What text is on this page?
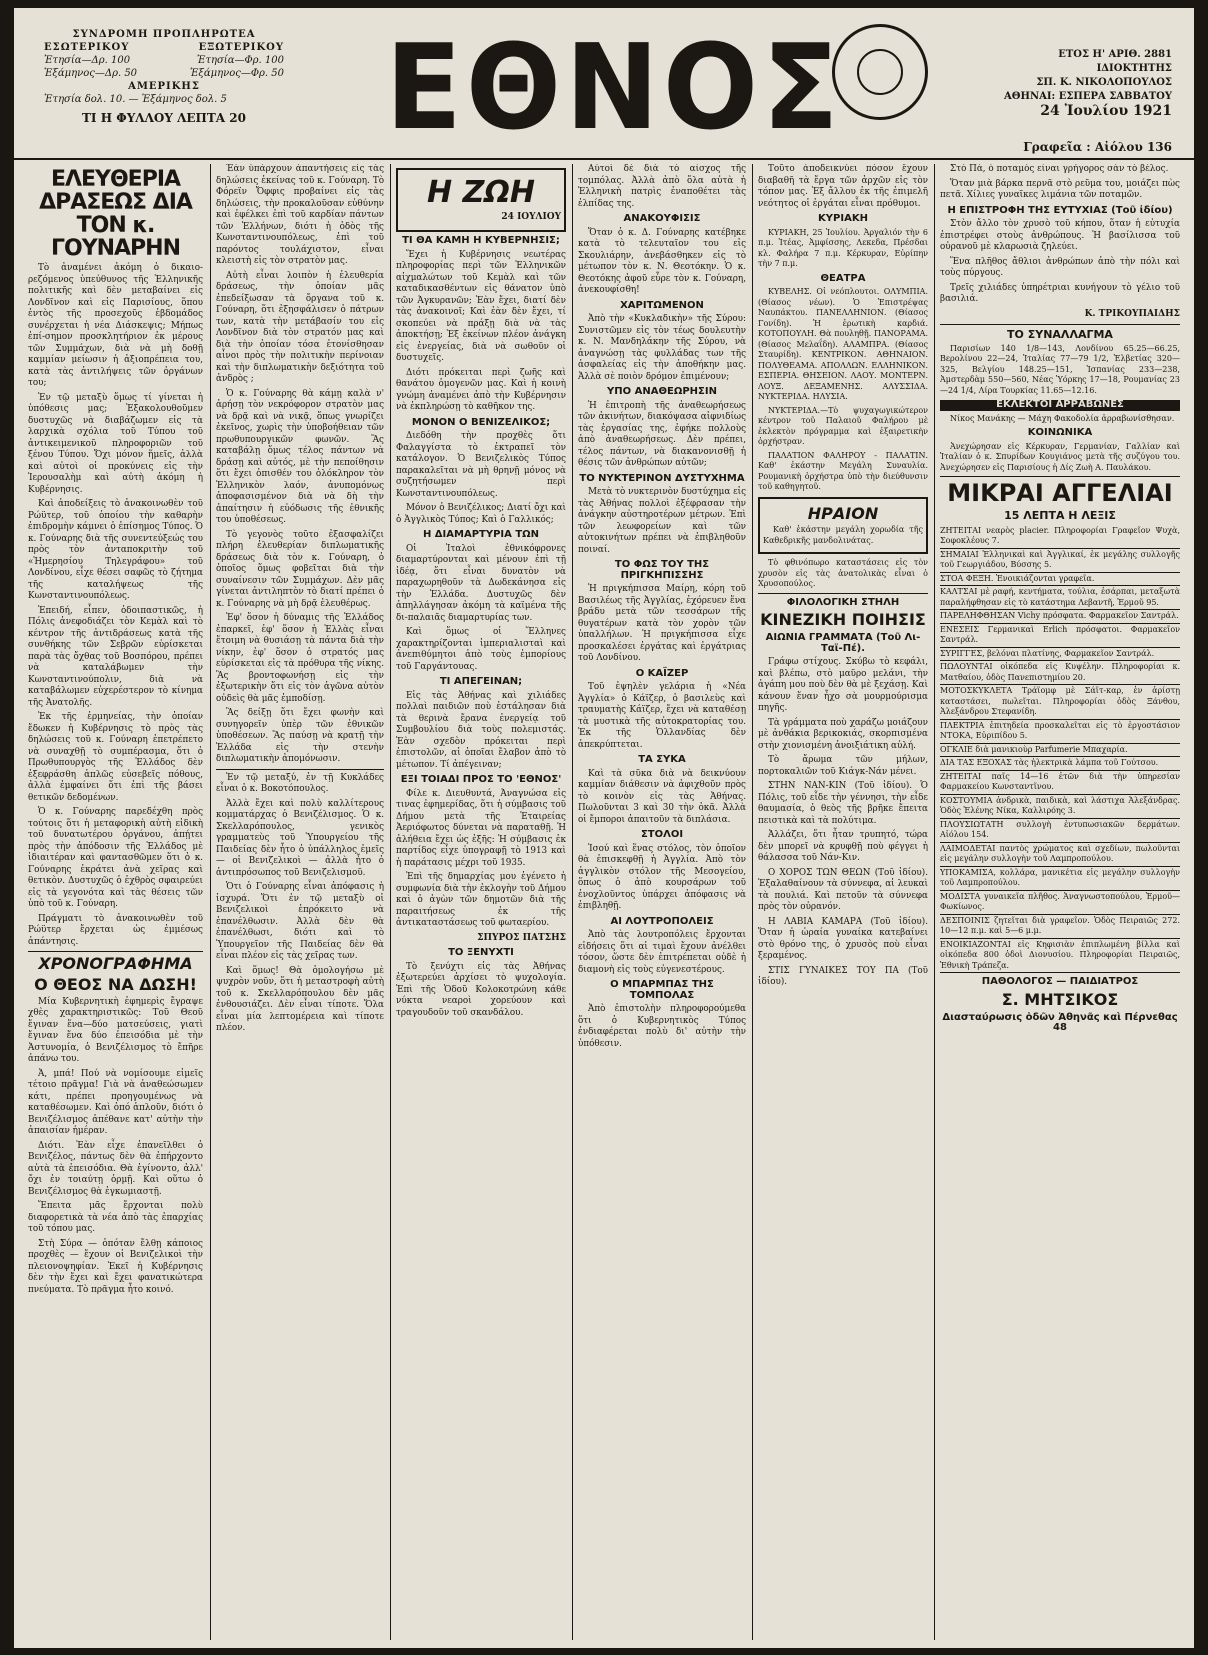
ΣΥΝΔΡΟΜΗ ΠΡΟΠΛΗΡΩΤΕΑ
ΕΣΩΤΕΡΙΚΟΥ	ΕΞΩΤΕΡΙΚΟΥ
Ἐτησία—Δρ. 100	Ἐτησία—Φρ. 100
Ἑξάμηνος—Δρ. 50	Ἑξάμηνος—Φρ. 50
ΑΜΕΡΙΚΗΣ
Ἐτησία δολ. 10. — Ἑξάμηνος δολ. 5
ΤΙ Η ΦΥΛΛΟΥ ΛΕΠΤΑ 20	ΕΘΝΟΣ	ΕΤΟΣ Η' ΑΡΙΘ. 2881
ΙΔΙΟΚΤΗΤΗΣ
ΣΠ. Κ. ΝΙΚΟΛΟΠΟΥΛΟΣ
ΑΘΗΝΑΙ: ΕΣΠΕΡΑ ΣΑΒΒΑΤΟΥ
24 Ἰουλίου 1921
Γραφεῖα : Αἰόλου 136
ΕΛΕΥΘΕΡΙΑ ΔΡΑΣΕΩΣ ΔΙΑ ΤΟΝ κ. ΓΟΥΝΑΡΗΝ

Τὸ ἀναμένει ἀκόμη ὁ δικαιο-ρεζόμενος ὑπεύθυνος τῆς Ἑλληνικῆς πολιτικῆς καὶ δὲν μεταβαίνει εἰς Λονδῖνον καὶ εἰς Παρισίους, ὅπου ἐντὸς τῆς προσεχοῦς ἑβδομάδος συνέρχεται ἡ νέα Διάσκεψις; Μήπως ἐπί-σημον προσκλητήριον ἐκ μέρους τῶν Συμμάχων, διὰ νὰ μὴ δοθῇ καμμίαν μείωσιν ἡ ἀξιοπρέπεια του, κατὰ τὰς ἀντιλήψεις τῶν ὀργάνων του;

Ἐν τῷ μεταξὺ ὅμως τί γίνεται ἡ ὑπόθεσις μας; Ἐξακολουθοῦμεν δυστυχῶς νὰ διαβάζωμεν εἰς τὰ λαρχικὰ σχόλια τοῦ Τύπου τοῦ ἀντικειμενικοῦ πληροφοριῶν τοῦ ξένου Τύπου. Ὄχι μόνον ἥμεῖς, ἀλλὰ καὶ αὐτοὶ οἱ προκύνεις εἰς τὴν Ἱερουσαλὴμ καὶ αὐτὴ ἀκόμη ἡ Κυβέρνησις.

Καὶ ἀποδείξεις τὸ ἀνακοινωθὲν τοῦ Ρώϋτερ, τοῦ ὁποίου τὴν καθαρὴν ἐπιδρομὴν κάμνει ὁ ἐπίσημος Τύπος. Ὁ κ. Γούναρης διὰ τῆς συνεντεύξεώς του πρὸς τὸν ἀνταποκριτὴν τοῦ «Ἡμερησίου Τηλεγράφου» τοῦ Λονδίνου, εἶχε θέσει σαφῶς τὸ ζήτημα τῆς καταλήψεως τῆς Κωνσταντινουπόλεως.

Ἐπειδή, εἶπεν, ὁδοιπαστικῶς, ἡ Πόλις ἀνεφοδιάζει τὸν Κεμὰλ καὶ τὸ κέντρον τῆς ἀντιδράσεως κατὰ τῆς συνθήκης τῶν Σεβρῶν εὑρίσκεται παρὰ τὰς ὄχθας τοῦ Βοσπόρου, πρέπει νὰ καταλάβωμεν τὴν Κωνσταντινούπολιν, διὰ νὰ καταβάλωμεν εὐχερέστερον τὸ κίνημα τῆς Ἀνατολῆς.

Ἐκ τῆς ἑρμηνείας, τὴν ὁποίαν ἔδωκεν ἡ Κυβέρνησις τὸ πρὸς τὰς δηλώσεις τοῦ κ. Γούναρη ἐπετρέπετο νὰ συναχθῇ τὸ συμπέρασμα, ὅτι ὁ Πρωθυπουργὸς τῆς Ἑλλάδος δὲν ἐξεφράσθη ἁπλῶς εὐσεβεῖς πόθους, ἀλλὰ ἐμφαίνει ὅτι ἐπὶ τῆς βάσει θετικῶν δεδομένων.

Ὁ κ. Γούναρης παρεδέχθη πρὸς τούτοις ὅτι ἡ μεταφορικὴ αὐτὴ εἰδικὴ τοῦ δυνατωτέρου ὀργάνου, ἀπῄτει πρὸς τὴν ἀπόδοσιν τῆς Ἑλλάδος μὲ ἰδιαιτέραν καὶ φαντασθῶμεν ὅτι ὁ κ. Γούναρης ἐκράτει ἀνὰ χεῖρας καὶ θετικὸν. Δυστυχῶς ὁ ἐχθρὸς σφαιρεύει εἰς τὰ γεγονότα καὶ τὰς θέσεις τῶν ὑπὸ τοῦ κ. Γούναρη.

Πράγματι τὸ ἀνακοινωθὲν τοῦ Ρώϋτερ ἔρχεται ὡς ἐμμέσως ἀπάντησις.

ΧΡΟΝΟΓΡΑΦΗΜΑ
Ο ΘΕΟΣ ΝΑ ΔΩΣΗ!

Μία Κυβερνητικὴ ἐφημερὶς ἔγραψε χθὲς χαρακτηριστικῶς: Τοῦ Θεοῦ ἔγιναν ἕνα—δύο ματσεύσεις, γιατὶ ἔγιναν ἕνα δύο ἐπεισόδια μὲ τὴν Ἀστυνομία, ὁ Βενιζέλισμος τὸ ἔπῆρε ἀπάνω του.

Ἀ, μπά! Πού νὰ νομίσουμε εἰμεῖς τέτοιο πρᾶγμα! Γιὰ νὰ ἀναθεώσωμεν κάτι, πρέπει προηγουμένως νὰ καταθέσωμεν. Καὶ ὁπό ἁπλοῦν, διότι ὁ Βενιζέλισμος ἀπέθανε κατ' αὐτὴν τὴν ἀπαισίαν ἡμέραν.

Διότι. Ἐὰν εἶχε ἐπανεῖλθει ὁ Βενιζέλος, πάντως δὲν θὰ ἐπήρχοντο αὐτὰ τὰ ἐπεισόδια. Θὰ ἐγίνοντο, ἀλλ' ὄχι ἐν τοιαύτῃ ὁρμῇ. Καὶ οὕτω ὁ Βενιζέλισμος θὰ ἐγκωμιαστῇ.

Ἔπειτα μᾶς ἔρχονται πολὺ διαφορετικὰ τὰ νέα ἀπὸ τὰς ἐπαρχίας τοῦ τόπου μας.

Στὴ Σύρα — ὁπόταν ἔλθῃ κάποιος προχθὲς — ἔχουν οἱ Βενιζελικοὶ τὴν πλειονοψηφίαν. Ἐκεῖ ἡ Κυβέρνησις δὲν τὴν ἔχει καὶ ἔχει φανατικώτερα πνεύματα. Τὸ πρᾶγμα ἦτο κοινό.

Ἐὰν ὑπάρχουν ἀπαντήσεις εἰς τὰς δηλώσεις ἐκείνας τοῦ κ. Γούναρη. Τὸ Φόρεϊν Ὄφφις προβαίνει εἰς τὰς δηλώσεις, τὴν προκαλοῦσαν εὐθύνην καὶ ἐφέλκει ἐπὶ τοῦ καρδίαν πάντων τῶν Ἑλλήνων, διότι ἡ ὁδὸς τῆς Κωνσταντινουπόλεως, ἐπὶ τοῦ παρόντος τουλάχιστον, εἶναι κλειστὴ εἰς τὸν στρατὸν μας.

Αὐτὴ εἶναι λοιπὸν ἡ ἐλευθερία δράσεως, τὴν ὁποίαν μᾶς ἐπεδείξωσαν τὰ ὄργανα τοῦ κ. Γούναρη, ὅτι ἐξησφάλισεν ὁ πάτρων των, κατὰ τὴν μετάβασίν του εἰς Λονδῖνον διὰ τὸν στρατόν μας καὶ διὰ τὴν ὁποίαν τόσα ἐτονίσθησαν αἶνοι πρὸς τὴν πολιτικὴν περίνοιαν καὶ τὴν διπλωματικὴν δεξιότητα τοῦ ἀνδρὸς ;

Ὁ κ. Γούναρης θὰ κάμῃ καλὰ ν' ἀρήσῃ τὸν νεκρόφορον στρατὸν μας νὰ δρᾷ καὶ νὰ νικᾷ, ὅπως γνωρίζει ἐκεῖνος, χωρὶς τὴν ὑποβοήθειαν τῶν πρωθυπουργικῶν φωνῶν. Ἂς καταβάλῃ ὅμως τέλος πάντων νὰ δράσῃ καὶ αὐτός, μὲ τὴν πεποίθησιν ὅτι ἔχει ὀπισθέν του ὁλόκληρον τὸν Ἑλληνικὸν λαόν, ἀνυπομόνως ἀποφασισμένον διὰ νὰ δὴ τὴν ἀπαίτησιν ἡ εὐόδωσις τῆς ἐθνικῆς του ὑποθέσεως.

Τὸ γεγονὸς τοῦτο ἐξασφαλίζει πλήρη ἐλευθερίαν διπλωματικῆς δράσεως διὰ τὸν κ. Γούναρη, ὁ ὁποῖος ὅμως φοβεῖται διὰ τὴν συναίνεσιν τῶν Συμμάχων. Δὲν μᾶς γίνεται ἀντιληπτὸν τὸ διατί πρέπει ὁ κ. Γούναρης νὰ μὴ δρᾷ ἐλευθέρως.

Ἐφ' ὅσον ἡ δύναμις τῆς Ἑλλάδος ἐπαρκεῖ, ἐφ' ὅσον ἡ Ἑλλὰς εἶναι ἕτοιμη νὰ θυσιάσῃ τὰ πάντα διὰ τὴν νίκην, ἐφ' ὅσον ὁ στρατός μας εὑρίσκεται εἰς τὰ πρόθυρα τῆς νίκης. Ἂς βροντοφωνήσῃ εἰς τὴν ἐξωτερικὴν ὅτι εἰς τὸν ἀγῶνα αὐτὸν οὐδεὶς θὰ μᾶς ἐμποδίσῃ.

Ἂς δείξῃ ὅτι ἔχει φωνὴν καὶ συνηγορεῖν ὑπὲρ τῶν ἐθνικῶν ὑποθέσεων. Ἂς παύσῃ νὰ κρατῇ τὴν Ἑλλάδα εἰς τὴν στενὴν διπλωματικὴν ἀπομόνωσιν.

Ἐν τῷ μεταξύ, ἐν τῇ Κυκλάδες εἶναι ὁ κ. Βοκοτόπουλος.

Ἀλλὰ ἔχει καὶ πολὺ καλλίτερους κομματάρχας ὁ Βενιζέλισμος. Ὁ κ. Σκελλαρόπουλος, γενικὸς γραμματεὺς τοῦ Ὑπουργείου τῆς Παιδείας δὲν ἦτο ὁ ὑπάλληλος ἐμεῖς — οἱ Βενιζελικοὶ — ἀλλὰ ἦτο ὁ ἀντιπρόσωπος τοῦ Βενιζελισμοῦ.

Ὁτι ὁ Γούναρης εἶναι ἀπόφασις ἡ ἰσχυρά. Ὅτι ἐν τῷ μεταξὺ οἱ Βενιζελικοὶ ἐπρόκειτο νὰ ἐπανέλθωσιν. Ἀλλὰ δὲν θὰ ἐπανέλθωσι, διότι καὶ τὸ Ὑπουργεῖον τῆς Παιδείας δὲν θὰ εἶναι πλέον εἰς τὰς χεῖρας των.

Καὶ ὅμως! Θὰ ὁμολογήσω μὲ ψυχρὸν νοῦν, ὅτι ἡ μεταστροφὴ αὐτὴ τοῦ κ. Σκελλαρόπουλου δὲν μᾶς ἐνθουσιάζει. Δὲν εἶναι τίποτε. Ὅλα εἶναι μία λεπτομέρεια καὶ τίποτε πλέον.

Η ΖΩΗ
24 ΙΟΥΛΙΟΥ
ΤΙ ΘΑ ΚΑΜΗ Η ΚΥΒΕΡΝΗΣΙΣ;

Ἔχει ἡ Κυβέρνησις νεωτέρας πληροφορίας περὶ τῶν Ἑλληνικῶν αἰχμαλώτων τοῦ Κεμὰλ καὶ τῶν καταδικασθέντων εἰς θάνατον ὑπὸ τῶν Ἀγκυρανῶν; Ἐὰν ἔχει, διατί δὲν τὰς ἀνακοινοῖ; Καὶ ἐὰν δὲν ἔχει, τί σκοπεύει νὰ πράξῃ διὰ νὰ τὰς ἀποκτήσῃ; Ἐξ ἐκείνων πλέον ἀνάγκη εἰς ἐνεργείας, διὰ νὰ σωθοῦν οἱ δυστυχεῖς.

Διότι πρόκειται περὶ ζωῆς καὶ θανάτου ὁμογενῶν μας. Καὶ ἡ κοινὴ γνώμη ἀναμένει ἀπὸ τὴν Κυβέρνησιν νὰ ἐκπληρώσῃ τὸ καθῆκον της.

ΜΟΝΟΝ Ο ΒΕΝΙΖΕΛΙΚΟΣ;

Διεδόθη τὴν προχθὲς ὅτι Φαλαγγίστα τὸ ἐκτραπεῖ τὸν κατάλογον. Ὁ Βενιζελικὸς Τύπος παρακαλεῖται νὰ μὴ θρηνῇ μόνος νὰ συζητήσωμεν περὶ Κωνσταντινουπόλεως.

Μόνον ὁ Βενιζέλικος; Διατί ὄχι καὶ ὁ Ἀγγλικὸς Τύπος; Καὶ ὁ Γαλλικός;

Η ΔΙΑΜΑΡΤΥΡΙΑ ΤΩΝ

Οἱ Ἰταλοὶ ἐθνικόφρονες διαμαρτύρονται καὶ μένουν ἐπὶ τῇ ἰδέᾳ, ὅτι εἶναι δυνατὸν νὰ παραχωρηθοῦν τὰ Δωδεκάνησα εἰς τὴν Ἑλλάδα. Δυστυχῶς δὲν ἀπηλλάγησαν ἀκόμη τὰ καϊμένα τῆς δι-παλαιᾶς διαμαρτυρίας των.

Καὶ ὅμως οἱ Ἕλληνες χαρακτηρίζονται ἰμπεριαλισταὶ καὶ ἀνεπιθύμητοι ἀπὸ τοὺς ἐμπορίους τοῦ Γαργάντουας.

ΤΙ ΑΠΕΓΕΙΝΑΝ;

Εἰς τὰς Ἀθήνας καὶ χιλιάδες πολλαὶ παιδιῶν ποὺ ἐστάλησαν διὰ τὰ θερινὰ ἔρανα ἐνεργείᾳ τοῦ Συμβουλίου διὰ τοὺς πολεμιστάς. Ἐὰν σχεδὸν πρόκειται περὶ ἐπιστολῶν, αἱ ὁποῖαι ἔλαβον ἀπὸ τὸ μέτωπον. Τί ἀπέγειναν;

ΕΞΙ ΤΟΙΑΔΙ ΠΡΟΣ ΤΟ 'ΕΘΝΟΣ'

Φίλε κ. Διευθυντά, Ἀναγνώσα εἰς τινας ἐφημερίδας, ὅτι ἡ σύμβασις τοῦ Δήμου μετὰ τῆς Ἑταιρείας Ἀεριόφωτος δύνεται νὰ παραταθῇ. Ἡ ἀλήθεια ἔχει ὡς ἑξῆς: Ἡ σύμβασις ἐκ παρτίδος εἶχε ὑπογραφῇ τὸ 1913 καὶ ἡ παράτασις μέχρι τοῦ 1935.

Ἐπὶ τῆς δημαρχίας μου ἐγένετο ἡ συμφωνία διὰ τὴν ἐκλογὴν τοῦ Δήμου καὶ ὁ ἀγὼν τῶν δημοτῶν διὰ τῆς παραιτήσεως ἐκ τῆς ἀντικαταστάσεως τοῦ φωταερίου.

ΣΠΥΡΟΣ ΠΑΤΣΗΣ
ΤΟ ΞΕΝΥΧΤΙ

Τὸ ξενύχτι εἰς τὰς Ἀθήνας ἐξωτερεύει ἀρχίσει τὸ ψυχολογία. Ἐπὶ τῆς Ὁδοῦ Κολοκοτρώνη κάθε νύκτα νεαροὶ χορεύουν καὶ τραγουδοῦν τοῦ σκανδάλου.

Αὐτοὶ δὲ διὰ τὸ αἶσχος τῆς τομπόλας. Ἀλλὰ ἀπὸ ὅλα αὐτὰ ἡ Ἑλληνικὴ πατρὶς ἐναποθέτει τὰς ἐλπίδας της.

ΑΝΑΚΟΥΦΙΣΙΣ

Ὅταν ὁ κ. Δ. Γούναρης κατέβηκε κατὰ τὸ τελευταῖον του εἰς Σκουλιάρην, ἀνεβάσθηκεν εἰς τὸ μέτωπον τὸν κ. Ν. Θεοτόκην. Ὁ κ. Θεοτόκης ἀφοῦ εὗρε τὸν κ. Γούναρη, ἀνεκουφίσθη!

ΧΑΡΙΤΩΜΕΝΟΝ

Ἀπὸ τὴν «Κυκλαδικὴν» τῆς Σύρου: Συνιστῶμεν εἰς τὸν τέως δουλευτὴν κ. Ν. Μανδηλάκην τῆς Σύρου, νὰ ἀναγνώσῃ τὰς φυλλάδας των τῆς ἀσφαλείας εἰς τὴν ἀποθήκην μας. Ἀλλὰ σὲ ποιὸν δρόμον ἐπιμένουν;

ΥΠΟ ΑΝΑΘΕΩΡΗΣΙΝ

Ἡ ἐπιτροπὴ τῆς ἀναθεωρήσεως τῶν ἀκινήτων, διακόψασα αἰφνιδίως τὰς ἐργασίας της, ἐφήκε πολλοὺς ἀπὸ ἀναθεωρήσεως. Δὲν πρέπει, τέλος πάντων, νὰ διακανονισθῇ ἡ θέσις τῶν ἀνθρώπων αὐτῶν;

ΤΟ ΝΥΚΤΕΡΙΝΟΝ ΔΥΣΤΥΧΗΜΑ

Μετὰ τὸ νυκτερινὸν δυστύχημα εἰς τὰς Ἀθήνας πολλοὶ ἐξέφρασαν τὴν ἀνάγκην αὐστηροτέρων μέτρων. Ἐπὶ τῶν λεωφορείων καὶ τῶν αὐτοκινήτων πρέπει νὰ ἐπιβληθοῦν ποιναί.

ΤΟ ΦΩΣ ΤΟΥ ΤΗΣ ΠΡΙΓΚΗΠΙΣΣΗΣ

Ἡ πριγκήπισσα Μαίρη, κόρη τοῦ Βασιλέως τῆς Ἀγγλίας, ἐχόρευεν ἕνα βράδυ μετὰ τῶν τεσσάρων τῆς θυγατέρων κατὰ τὸν χορὸν τῶν ὑπαλλήλων. Ἡ πριγκήπισσα εἶχε προσκαλέσει ἐργάτας καὶ ἐργάτριας τοῦ Λονδίνου.

Ο ΚΑΪΖΕΡ

Τοῦ ἐψηλὲν γελάρια ἡ «Νέα Ἀγγλία» ὁ Κάϊζερ, ὁ βασιλεὺς καὶ τραυματὴς Κάϊζερ, ἔχει νὰ καταθέσῃ τὰ μυστικὰ τῆς αὐτοκρατορίας του. Ἐκ τῆς Ὁλλανδίας δὲν ἀπεκρύπτεται.

ΤΑ ΣΥΚΑ

Καὶ τὰ σῦκα διὰ νὰ δεικνύουν καμμίαν διάθεσιν νὰ ἀφιχθοῦν πρὸς τὸ κοινὸν εἰς τὰς Ἀθήνας. Πωλοῦνται 3 καὶ 30 τὴν ὀκᾶ. Ἀλλὰ οἱ ἔμποροι ἀπαιτοῦν τὰ διπλάσια.

ΣΤΟΛΟΙ

Ἰσού καὶ ἕνας στόλος, τὸν ὁποῖον θὰ ἐπισκεφθῇ ἡ Ἀγγλία. Ἀπὸ τὸν ἀγγλικὸν στόλον τῆς Μεσογείου, ὅπως ὁ ἀπὸ κουρσάρων τοῦ ἐνοχλοῦντος ὑπάρχει ἀπόφασις νὰ ἐπιβληθῇ.

ΑΙ ΛΟΥΤΡΟΠΟΛΕΙΣ

Ἀπὸ τὰς λουτροπόλεις ἔρχονται εἰδήσεις ὅτι αἱ τιμαὶ ἔχουν ἀνέλθει τόσον, ὥστε δὲν ἐπιτρέπεται οὐδὲ ἡ διαμονὴ εἰς τοὺς εὐγενεστέρους.

Ο ΜΠΑΡΜΠΑΣ ΤΗΣ ΤΟΜΠΟΛΑΣ

Ἀπὸ ἐπιστολὴν πληροφορούμεθα ὅτι ὁ Κυβερνητικὸς Τύπος ἐνδιαφέρεται πολὺ δι' αὐτὴν τὴν ὑπόθεσιν.

Τοῦτο ἀποδεικνύει πόσον ἔχουν διαβαθῆ τὰ ἔργα τῶν ἀρχῶν εἰς τὸν τόπον μας. Ἐξ ἄλλου ἐκ τῆς ἐπιμελῆ νεότητος οἱ ἐργάται εἶναι πρόθυμοι.

ΚΥΡΙΑΚΗ

ΚΥΡΙΑΚΗ, 25 Ἰουλίου. Ἀργαλιόν τὴν 6 π.μ. Ἰτέας, Ἀμφίσσης, Λεκεδα, Πρέσδαι κλ. Φαλήρα 7 π.μ. Κέρκυραν, Εὐρίπην τὴν 7 π.μ.

ΘΕΑΤΡΑ

ΚΥΒΕΛΗΣ. Οἱ νεόπλουτοι. ΟΛΥΜΠΙΑ. (Θίασος νέων). Ὁ Ἐπιστρέψας Ναυπάκτου. ΠΑΝΕΛΛΗΝΙΟΝ. (Θίασος Γονίδη). Ἡ ἐρωτικὴ καρδιά. ΚΟΤΟΠΟΥΛΗ. Θὰ πουληθῇ. ΠΑΝΟΡΑΜΑ. (Θίασος Μελαΐδη). ΑΛΑΜΠΡΑ. (Θίασος Σταυρίδη). ΚΕΝΤΡΙΚΟΝ. ΑΘΗΝΑΙΟΝ. ΠΟΛΥΘΕΑΜΑ. ΑΠΟΛΛΩΝ. ΕΛΛΗΝΙΚΟΝ. ΕΣΠΕΡΙΑ. ΘΗΣΕΙΟΝ. ΛΑΟΥ. ΜΟΝΤΕΡΝ. ΛΟΥΞ. ΔΕΞΑΜΕΝΗΣ. ΑΛΥΣΣΙΔΑ. ΝΥΚΤΕΡΙΔΑ. ΗΛΥΣΙΑ.

ΝΥΚΤΕΡΙΔΑ.—Τὸ ψυχαγωγικώτερον κέντρον τοῦ Παλαιοῦ Φαλήρου μὲ ἐκλεκτὸν πρόγραμμα καὶ ἐξαιρετικὴν ὀρχήστραν.

ΠΑΛΑΤΙΟΝ ΦΑΛΗΡΟΥ - ΠΑΛΑΤΙΝ. Καθ' ἑκάστην Μεγάλη Συναυλία. Ρουμανικὴ ὀρχήστρα ὑπὸ τὴν διεύθυνσιν τοῦ καθηγητοῦ.

ΗΡΑΙΟΝ

Καθ' ἑκάστην μεγάλη χορωδία τῆς Καθεδρικῆς μανδολινάτας.

Τὸ φθινόπωρο καταστάσεις εἰς τὸν χρυσὸν εἰς τὰς ἀνατολικὰς εἶναι ὁ Χρυσοπούλος.

ΦΙΛΟΛΟΓΙΚΗ ΣΤΗΛΗ
ΚΙΝΕΖΙΚΗ ΠΟΙΗΣΙΣ
ΑΙΩΝΙΑ ΓΡΑΜΜΑΤΑ (Τοῦ Λι-Ταϊ-Πέ).

Γράφω στίχους. Σκύβω τὸ κεφάλι, καὶ βλέπω, στὸ μαῦρο μελάνι, τὴν ἀγάπη μου ποὺ δὲν θὰ μὲ ξεχάσῃ. Καὶ κάνουν ἕναν ἦχο σὰ μουρμούρισμα πηγῆς.

Τὰ γράμματα ποὺ χαράζω μοιάζουν μὲ ἀνθάκια βερικοκιάς, σκορπισμένα στὴν χιονισμένη ἀνοιξιάτικη αὐλή.

Τὸ ἄρωμα τῶν μήλων, πορτοκαλιῶν τοῦ Κιάγκ-Νάν μένει.

ΣΤΗΝ ΝΑΝ-ΚΙΝ (Τοῦ ἰδίου). Ὁ Πόλις, τοῦ εἶδε τὴν γέννησι, τὴν εἶδε θαυμασία, ὁ θεὸς τῆς βρῆκε ἔπειτα πειστικὰ καὶ τὰ πολύτιμα.

Ἀλλάζει, ὅτι ἦταν τρυπητό, τώρα δὲν μπορεῖ νὰ κρυφθῇ ποὺ φέγγει ἡ θάλασσα τοῦ Νάν-Κιν.

Ο ΧΟΡΟΣ ΤΩΝ ΘΕΩΝ (Τοῦ ἰδίου). Ἐξαλαθαίνουν τὰ σύννεφα, αἱ λευκαὶ τὰ πουλιά. Καὶ πετοῦν τὰ σύννεφα πρὸς τὸν οὐρανόν.

Η ΛΑΒΙΑ ΚΑΜΑΡΑ (Τοῦ ἰδίου). Ὅταν ἡ ὡραία γυναίκα κατεβαίνει στὸ θρόνο της, ὁ χρυσὸς ποὺ εἶναι ξεραμένος.

ΣΤΙΣ ΓΥΝΑΙΚΕΣ ΤΟΥ ΠΑ (Τοῦ ἰδίου).

Στὸ Πὰ, ὁ ποταμὸς εἶναι γρήγορος σὰν τὸ βέλος.

Ὅταν μιὰ βάρκα περνᾶ στὸ ρεῦμα του, μοιάζει πὼς πετᾶ. Χίλιες γυναῖκες λιμάνια τῶν ποταμῶν.

Η ΕΠΙΣΤΡΟΦΗ ΤΗΣ ΕΥΤΥΧΙΑΣ (Τοῦ ἰδίου)

Στὸν ἄλλο τὸν χρυσὸ τοῦ κήπου, ὅταν ἡ εὐτυχία ἐπιστρέφει στοὺς ἀνθρώπους. Ἡ βασίλισσα τοῦ οὐρανοῦ μὲ κλαρωσιὰ ζηλεύει.

Ἕνα πλῆθος ἄθλιοι ἀνθρώπων ἀπὸ τὴν πόλι καὶ τοὺς πύργους.

Τρεῖς χιλιάδες ὑπηρέτριαι κυνήγουν τὸ γέλιο τοῦ βασιλιά.

Κ. ΤΡΙΚΟΥΠΑΙΔΗΣ
ΤΟ ΣΥΝΑΛΛΑΓΜΑ

Παρισίων 140 1/8—143, Λονδίνου 65.25—66.25, Βερολίνου 22—24, Ἰταλίας 77—79 1/2, Ἑλβετίας 320—325, Βελγίου 148.25—151, Ἰσπανίας 233—238, Ἀμστερδὰμ 550—560, Νέας Ὑόρκης 17—18, Ρουμανίας 23—24 1/4, Λίρα Τουρκίας 11.65—12.16.

ΕΚΛΕΚΤΟΙ ΑΡΡΑΒΩΝΕΣ

Νίκος Μανάκης — Μάχη Φακοδολία ἀρραβωνίσθησαν.

ΚΟΙΝΩΝΙΚΑ

Ἀνεχώρησαν εἰς Κέρκυραν, Γερμανίαν, Γαλλίαν καὶ Ἰταλίαν ὁ κ. Σπυρίδων Κουγιάνος μετὰ τῆς συζύγου του. Ἀνεχώρησεν εἰς Παρισίους ἡ Δίς Ζωὴ Α. Παυλάκου.

ΜΙΚΡΑΙ ΑΓΓΕΛΙΑΙ
15 ΛΕΠΤΑ Η ΛΕΞΙΣ
ΖΗΤΕΙΤΑΙ νεαρὸς placier. Πληροφορίαι Γραφεῖον Ψυχὰ, Σοφοκλέους 7.
ΣΗΜΑΙΑΙ Ἑλληνικαὶ καὶ Ἀγγλικαί, ἐκ μεγάλης συλλογῆς τοῦ Γεωργιάδου, Βύσσης 5.
ΣΤΟΑ ΦΕΞΗ. Ἐνοικιάζονται γραφεῖα.
ΚΑΛΤΣΑΙ μὲ ραφή, κεντήματα, τούλια, ἐσάρπαι, μεταξωτὰ παραλήφθησαν εἰς τὸ κατάστημα Λεβαντῆ, Ἑρμοῦ 95.
ΠΑΡΕΛΗΦΘΗΣΑΝ Vichy πρόσφατα. Φαρμακεῖον Σαντράλ.
ΕΝΕΣΕΙΣ Γερμανικαὶ Erlich πρόσφατοι. Φαρμακεῖον Σαντράλ.
ΣΥΡΙΓΓΕΣ, βελόναι πλατίνης, Φαρμακεῖον Σαντράλ.
ΠΩΛΟΥΝΤΑΙ οἰκόπεδα εἰς Κυψέλην. Πληροφορίαι κ. Ματθαίου, ὁδὸς Πανεπιστημίου 20.
ΜΟΤΟΣΚΥΚΛΕΤΑ Τράϊομφ μὲ Σάϊτ-καρ, ἐν ἀρίστῃ καταστάσει, πωλεῖται. Πληροφορίαι ὁδὸς Ξάνθου, Ἀλεξάνδρου Στεφανίδη.
ΠΛΕΚΤΡΙΑ ἐπιτηδεία προσκαλεῖται εἰς τὸ ἐργοστάσιον ΝΤΟΚΑ, Εὐριπίδου 5.
ΟΓΚΛΙΕ διὰ μανικιοὺρ Parfumerie Μπαχαρία.
ΔΙΑ ΤΑΣ ΕΞΟΧΑΣ τὰς ἡλεκτρικὰ λάμπα τοῦ Γούτσου.
ΖΗΤΕΙΤΑΙ παῖς 14—16 ἐτῶν διὰ τὴν ὑπηρεσίαν Φαρμακείου Κωνσταντῖνου.
ΚΟΣΤΟΥΜΙΑ ἀνδρικὰ, παιδικὰ, καὶ λάστιχα Ἀλεξάνδρας. Ὁδὸς Ἑλένης Νίκα, Καλλιρόης 3.
ΠΛΟΥΣΙΩΤΑΤΗ συλλογὴ ἐντυπωσιακῶν δερμάτων. Αἰόλου 154.
ΛΑΙΜΟΔΕΤΑΙ παντὸς χρώματος καὶ σχεδίων, πωλοῦνται εἰς μεγάλην συλλογὴν τοῦ Λαμπροπούλου.
ΥΠΟΚΑΜΙΣΑ, κολλάρα, μανικέτια εἰς μεγάλην συλλογὴν τοῦ Λαμπροπούλου.
ΜΟΔΙΣΤΑ γυναικεῖα πλῆθος. Ἀναγνωστοπούλου, Ἑρμοῦ—Φωκίωνος.
ΔΕΣΠΟΙΝΙΣ ζητεῖται διὰ γραφεῖον. Ὁδὸς Πειραιῶς 272. 10—12 π.μ. καὶ 5—6 μ.μ.
ΕΝΟΙΚΙΑΖΟΝΤΑΙ εἰς Κηφισιὰν ἐπιπλωμένη βίλλα καὶ οἰκόπεδα 800 ὁδοὶ Διονυσίου. Πληροφορίαι Πειραιῶς, Ἐθνικὴ Τράπεζα.
ΠΑΘΟΛΟΓΟΣ — ΠΑΙΔΙΑΤΡΟΣ
Σ. ΜΗΤΣΙΚΟΣ
Διασταύρωσις ὁδῶν Ἀθηνᾶς καὶ Πέρνεθας 48
